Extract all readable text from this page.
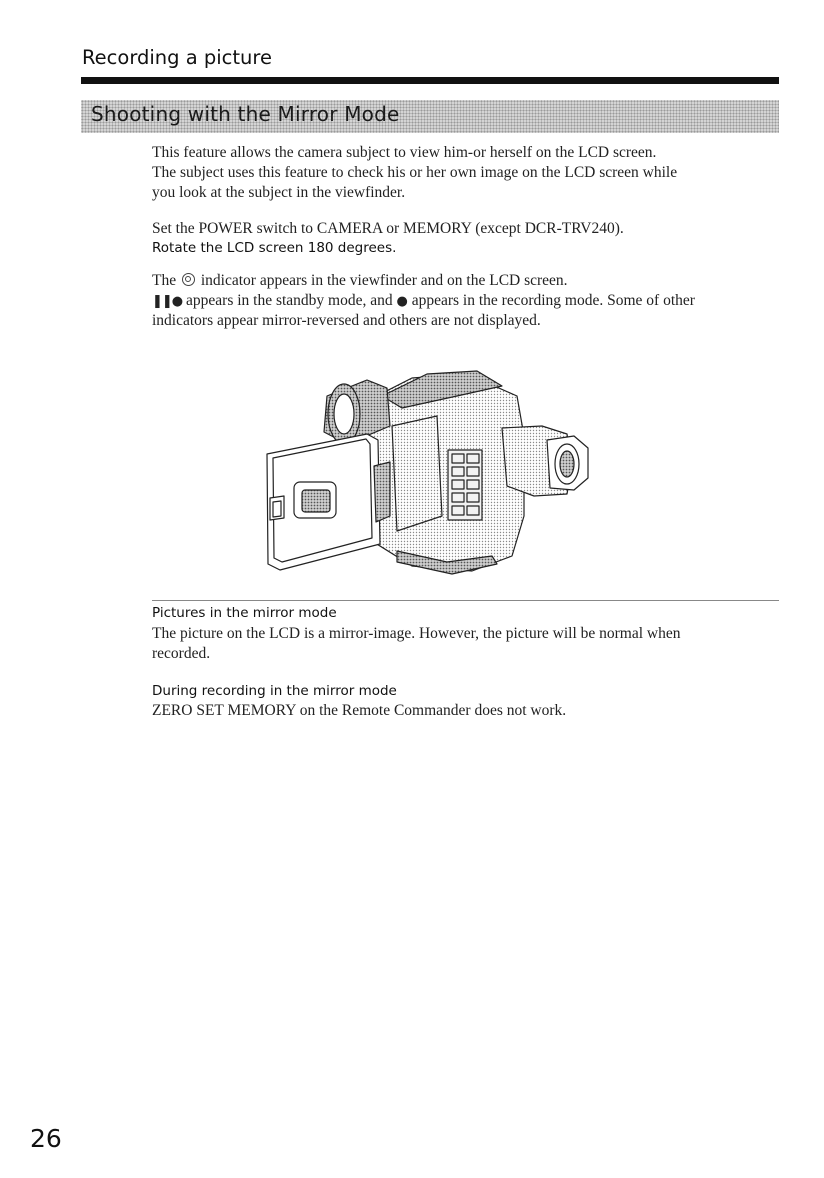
Recording a picture
Shooting with the Mirror Mode

This feature allows the camera subject to view him-or herself on the LCD screen.

The subject uses this feature to check his or her own image on the LCD screen while

you look at the subject in the viewfinder.

Set the POWER switch to CAMERA or MEMORY (except DCR-TRV240).

Rotate the LCD screen 180 degrees.

The indicator appears in the viewfinder and on the LCD screen.

❚❚● appears in the standby mode, and ● appears in the recording mode. Some of other

indicators appear mirror-reversed and others are not displayed.

Pictures in the mirror mode

The picture on the LCD is a mirror-image. However, the picture will be normal when

recorded.

During recording in the mirror mode

ZERO SET MEMORY on the Remote Commander does not work.

26
